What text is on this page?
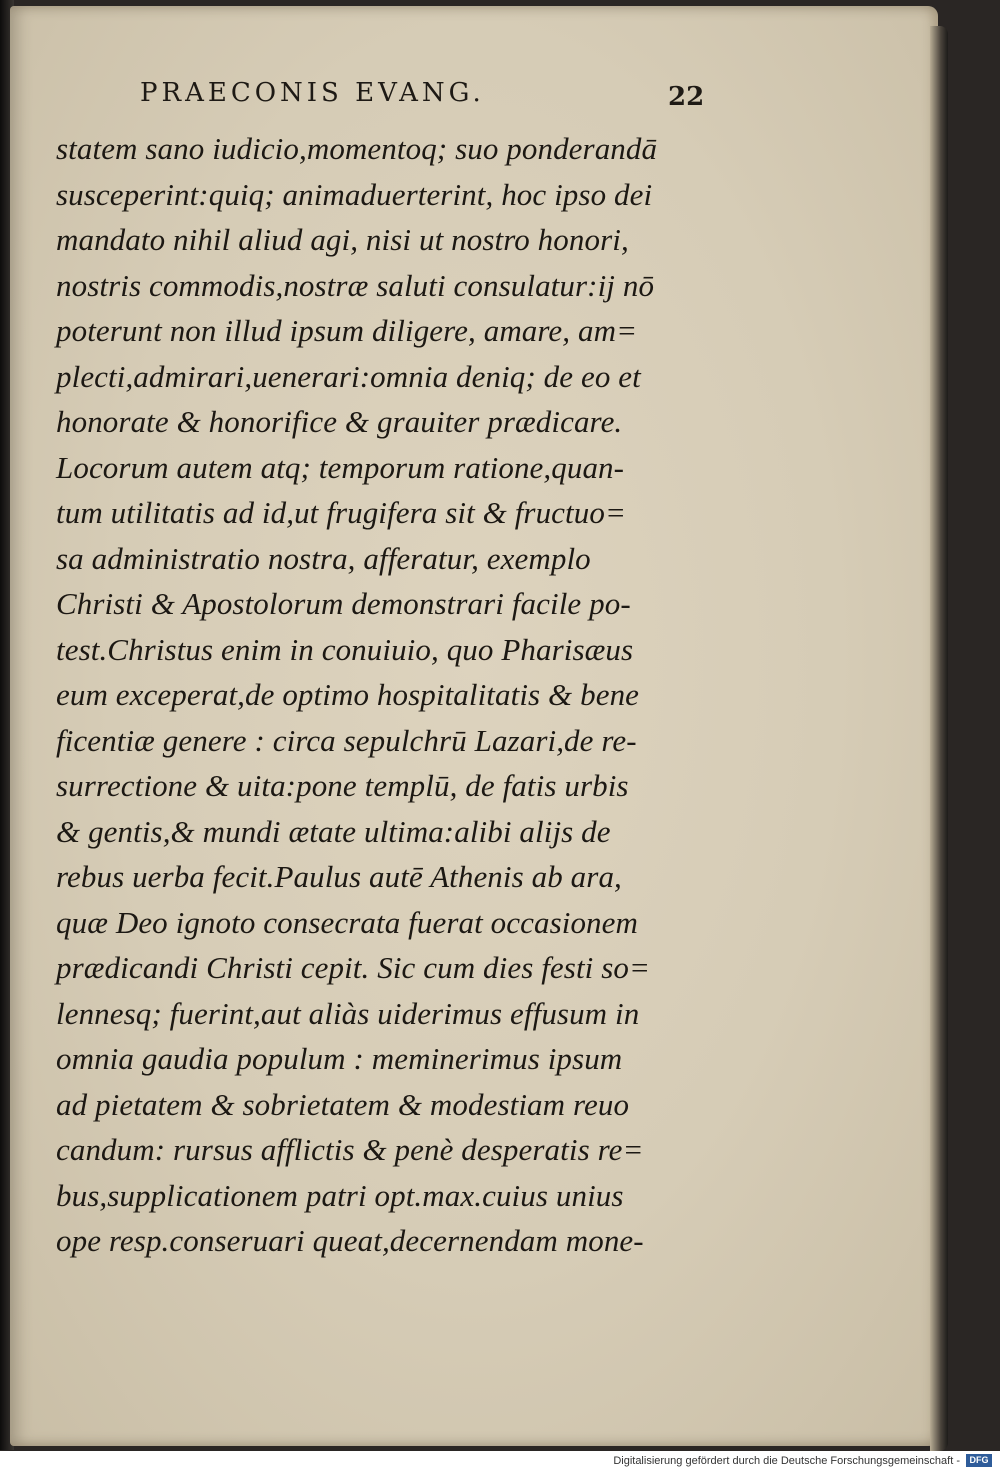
PRAECONIS EVANG.	22
statem sano iudicio,momentoq; suo ponderandā
susceperint:quiq; animaduerterint, hoc ipso dei
mandato nihil aliud agi, nisi ut nostro honori,
nostris commodis,nostræ saluti consulatur:ij nō
poterunt non illud ipsum diligere, amare, am=
plecti,admirari,uenerari:omnia deniq; de eo et
honorate & honorifice & grauiter prædicare.
Locorum autem atq; temporum ratione,quan-
tum utilitatis ad id,ut frugifera sit & fructuo=
sa administratio nostra, afferatur, exemplo
Christi & Apostolorum demonstrari facile po-
test.Christus enim in conuiuio, quo Pharisæus
eum exceperat,de optimo hospitalitatis & bene
ficentiæ genere : circa sepulchrū Lazari,de re-
surrectione & uita:pone templū, de fatis urbis
& gentis,& mundi ætate ultima:alibi alijs de
rebus uerba fecit.Paulus autē Athenis ab ara,
quæ Deo ignoto consecrata fuerat occasionem
prædicandi Christi cepit. Sic cum dies festi so=
lennesq; fuerint,aut aliàs uiderimus effusum in
omnia gaudia populum : meminerimus ipsum
ad pietatem & sobrietatem & modestiam reuo
candum: rursus afflictis & penè desperatis re=
bus,supplicationem patri opt.max.cuius unius
ope resp.conseruari queat,decernendam mone-
Digitalisierung gefördert durch die Deutsche Forschungsgemeinschaft -	DFG
